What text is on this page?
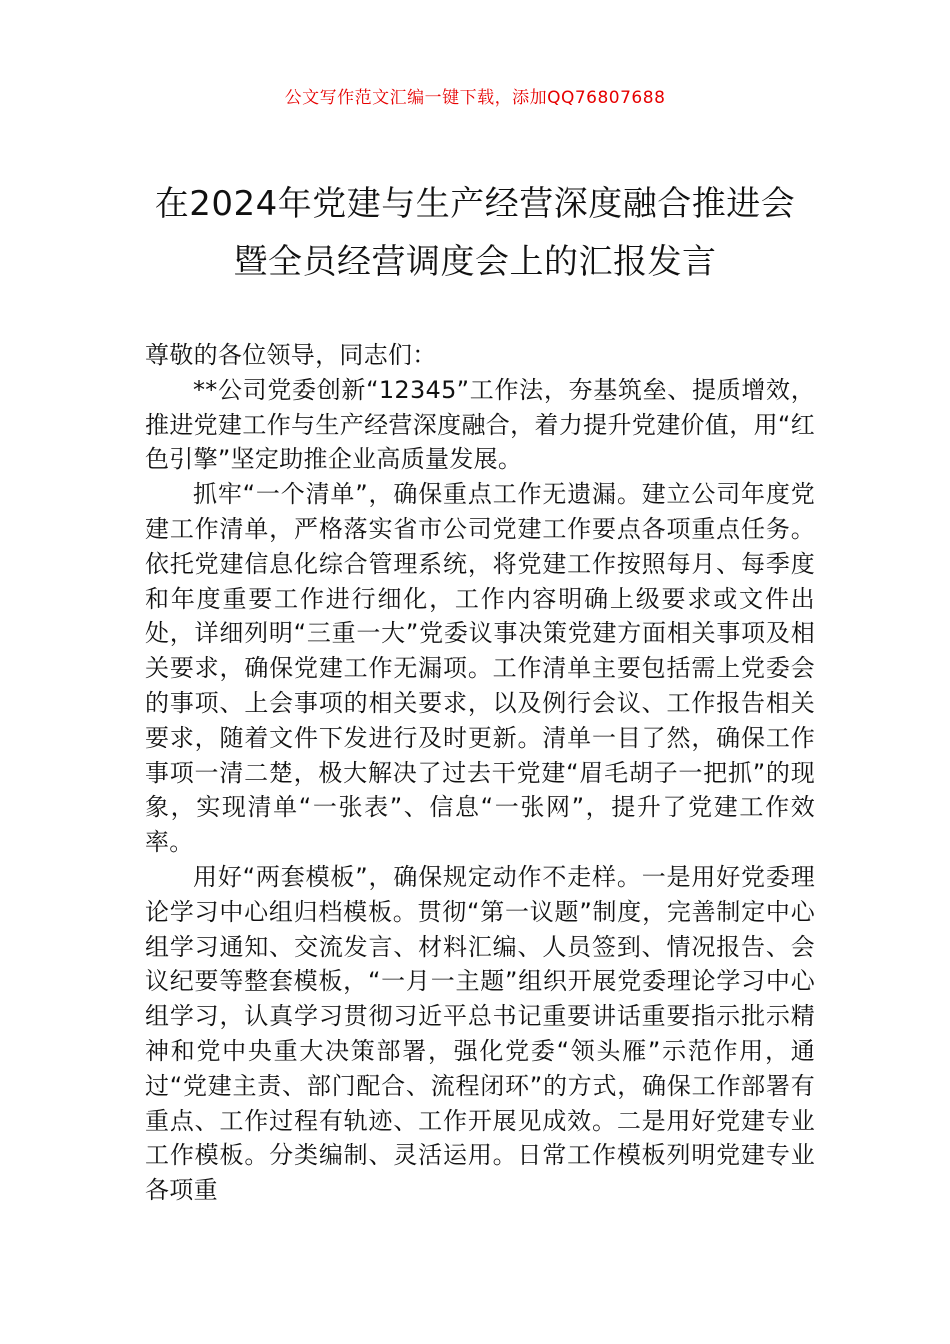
公文写作范文汇编一键下载，添加QQ76807688
在2024年党建与生产经营深度融合推进会
暨全员经营调度会上的汇报发言

尊敬的各位领导，同志们：

**公司党委创新“12345”工作法，夯基筑垒、提质增效，推进党建工作与生产经营深度融合，着力提升党建价值，用“红色引擎”坚定助推企业高质量发展。

抓牢“一个清单”，确保重点工作无遗漏。建立公司年度党建工作清单，严格落实省市公司党建工作要点各项重点任务。依托党建信息化综合管理系统，将党建工作按照每月、每季度和年度重要工作进行细化，工作内容明确上级要求或文件出处，详细列明“三重一大”党委议事决策党建方面相关事项及相关要求，确保党建工作无漏项。工作清单主要包括需上党委会的事项、上会事项的相关要求，以及例行会议、工作报告相关要求，随着文件下发进行及时更新。清单一目了然，确保工作事项一清二楚，极大解决了过去干党建“眉毛胡子一把抓”的现象，实现清单“一张表”、信息“一张网”，提升了党建工作效率。

用好“两套模板”，确保规定动作不走样。一是用好党委理论学习中心组归档模板。贯彻“第一议题”制度，完善制定中心组学习通知、交流发言、材料汇编、人员签到、情况报告、会议纪要等整套模板，“一月一主题”组织开展党委理论学习中心组学习，认真学习贯彻习近平总书记重要讲话重要指示批示精神和党中央重大决策部署，强化党委“领头雁”示范作用，通过“党建主责、部门配合、流程闭环”的方式，确保工作部署有重点、工作过程有轨迹、工作开展见成效。二是用好党建专业工作模板。分类编制、灵活运用。日常工作模板列明党建专业各项重
